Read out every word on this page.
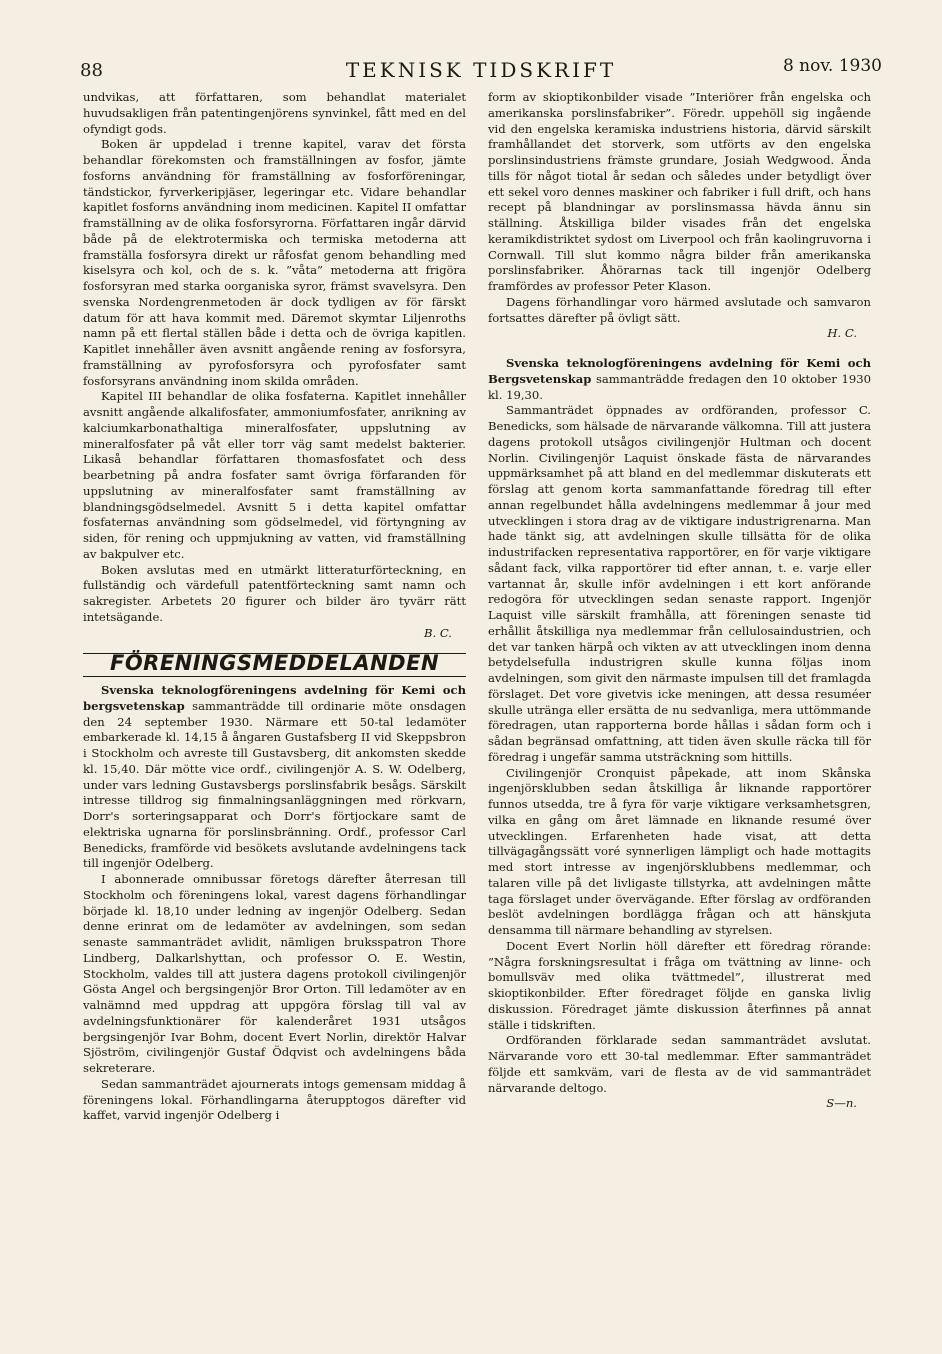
88	TEKNISK TIDSKRIFT	8 nov. 1930

undvikas, att författaren, som behandlat materialet huvudsakligen från patentingenjörens synvinkel, fått med en del ofyndigt gods.

Boken är uppdelad i trenne kapitel, varav det första behandlar förekomsten och framställningen av fosfor, jämte fosforns användning för framställning av fosforföreningar, tändstickor, fyrverkeripjäser, legeringar etc. Vidare behandlar kapitlet fosforns användning inom medicinen. Kapitel II omfattar framställning av de olika fosforsyrorna. Författaren ingår därvid både på de elektrotermiska och termiska metoderna att framställa fosforsyra direkt ur råfosfat genom behandling med kiselsyra och kol, och de s. k. ”våta” metoderna att frigöra fosforsyran med starka oorganiska syror, främst svavelsyra. Den svenska Nordengrenmetoden är dock tydligen av för färskt datum för att hava kommit med. Däremot skymtar Liljenroths namn på ett flertal ställen både i detta och de övriga kapitlen. Kapitlet innehåller även avsnitt angående rening av fosforsyra, framställning av pyrofosforsyra och pyrofosfater samt fosforsyrans användning inom skilda områden.

Kapitel III behandlar de olika fosfaterna. Kapitlet innehåller avsnitt angående alkalifosfater, ammoniumfosfater, anrikning av kalciumkarbonathaltiga mineralfosfater, uppslutning av mineralfosfater på våt eller torr väg samt medelst bakterier. Likaså behandlar författaren thomasfosfatet och dess bearbetning på andra fosfater samt övriga förfaranden för uppslutning av mineralfosfater samt framställning av blandningsgödselmedel. Avsnitt 5 i detta kapitel omfattar fosfaternas användning som gödselmedel, vid förtyngning av siden, för rening och uppmjukning av vatten, vid framställning av bakpulver etc.

Boken avslutas med en utmärkt litteraturförteckning, en fullständig och värdefull patentförteckning samt namn och sakregister. Arbetets 20 figurer och bilder äro tyvärr rätt intetsägande.

B. C.
FÖRENINGSMEDDELANDEN

Svenska teknologföreningens avdelning för Kemi och bergsvetenskap sammanträdde till ordinarie möte onsdagen den 24 september 1930. Närmare ett 50-tal ledamöter embarkerade kl. 14,15 å ångaren Gustafsberg II vid Skeppsbron i Stockholm och avreste till Gustavsberg, dit ankomsten skedde kl. 15,40. Där mötte vice ordf., civilingenjör A. S. W. Odelberg, under vars ledning Gustavsbergs porslinsfabrik besågs. Särskilt intresse tilldrog sig finmalningsanläggningen med rörkvarn, Dorr's sorteringsapparat och Dorr's förtjockare samt de elektriska ugnarna för porslinsbränning. Ordf., professor Carl Benedicks, framförde vid besökets avslutande avdelningens tack till ingenjör Odelberg.

I abonnerade omnibussar företogs därefter återresan till Stockholm och föreningens lokal, varest dagens förhandlingar började kl. 18,10 under ledning av ingenjör Odelberg. Sedan denne erinrat om de ledamöter av avdelningen, som sedan senaste sammanträdet avlidit, nämligen bruksspatron Thore Lindberg, Dalkarlshyttan, och professor O. E. Westin, Stockholm, valdes till att justera dagens protokoll civilingenjör Gösta Angel och bergsingenjör Bror Orton. Till ledamöter av en valnämnd med uppdrag att uppgöra förslag till val av avdelningsfunktionärer för kalenderåret 1931 utsågos bergsingenjör Ivar Bohm, docent Evert Norlin, direktör Halvar Sjöström, civilingenjör Gustaf Ödqvist och avdelningens båda sekreterare.

Sedan sammanträdet ajournerats intogs gemensam middag å föreningens lokal. Förhandlingarna återupptogos därefter vid kaffet, varvid ingenjör Odelberg i

form av skioptikonbilder visade ”Interiörer från engelska och amerikanska porslinsfabriker”. Föredr. uppehöll sig ingående vid den engelska keramiska industriens historia, därvid särskilt framhållandet det storverk, som utförts av den engelska porslinsindustriens främste grundare, Josiah Wedgwood. Ända tills för något tiotal år sedan och således under betydligt över ett sekel voro dennes maskiner och fabriker i full drift, och hans recept på blandningar av porslinsmassa hävda ännu sin ställning. Åtskilliga bilder visades från det engelska keramikdistriktet sydost om Liverpool och från kaolingruvorna i Cornwall. Till slut kommo några bilder från amerikanska porslinsfabriker. Åhörarnas tack till ingenjör Odelberg framfördes av professor Peter Klason.

Dagens förhandlingar voro härmed avslutade och samvaron fortsattes därefter på övligt sätt.

H. C.

Svenska teknologföreningens avdelning för Kemi och Bergsvetenskap sammanträdde fredagen den 10 oktober 1930 kl. 19,30.

Sammanträdet öppnades av ordföranden, professor C. Benedicks, som hälsade de närvarande välkomna. Till att justera dagens protokoll utsågos civilingenjör Hultman och docent Norlin. Civilingenjör Laquist önskade fästa de närvarandes uppmärksamhet på att bland en del medlemmar diskuterats ett förslag att genom korta sammanfattande föredrag till efter annan regelbundet hålla avdelningens medlemmar å jour med utvecklingen i stora drag av de viktigare industrigrenarna. Man hade tänkt sig, att avdelningen skulle tillsätta för de olika industrifacken representativa rapportörer, en för varje viktigare sådant fack, vilka rapportörer tid efter annan, t. e. varje eller vartannat år, skulle inför avdelningen i ett kort anförande redogöra för utvecklingen sedan senaste rapport. Ingenjör Laquist ville särskilt framhålla, att föreningen senaste tid erhållit åtskilliga nya medlemmar från cellulosaindustrien, och det var tanken härpå och vikten av att utvecklingen inom denna betydelsefulla industrigren skulle kunna följas inom avdelningen, som givit den närmaste impulsen till det framlagda förslaget. Det vore givetvis icke meningen, att dessa resuméer skulle utränga eller ersätta de nu sedvanliga, mera uttömmande föredragen, utan rapporterna borde hållas i sådan form och i sådan begränsad omfattning, att tiden även skulle räcka till för föredrag i ungefär samma utsträckning som hittills.

Civilingenjör Cronquist påpekade, att inom Skånska ingenjörsklubben sedan åtskilliga år liknande rapportörer funnos utsedda, tre å fyra för varje viktigare verksamhetsgren, vilka en gång om året lämnade en liknande resumé över utvecklingen. Erfarenheten hade visat, att detta tillvägagångssätt voré synnerligen lämpligt och hade mottagits med stort intresse av ingenjörsklubbens medlemmar, och talaren ville på det livligaste tillstyrka, att avdelningen måtte taga förslaget under övervägande. Efter förslag av ordföranden beslöt avdelningen bordlägga frågan och att hänskjuta densamma till närmare behandling av styrelsen.

Docent Evert Norlin höll därefter ett föredrag rörande: ”Några forskningsresultat i fråga om tvättning av linne- och bomullsväv med olika tvättmedel”, illustrerat med skioptikonbilder. Efter föredraget följde en ganska livlig diskussion. Föredraget jämte diskussion återfinnes på annat ställe i tidskriften.

Ordföranden förklarade sedan sammanträdet avslutat. Närvarande voro ett 30-tal medlemmar. Efter sammanträdet följde ett samkväm, vari de flesta av de vid sammanträdet närvarande deltogo.

S—n.
